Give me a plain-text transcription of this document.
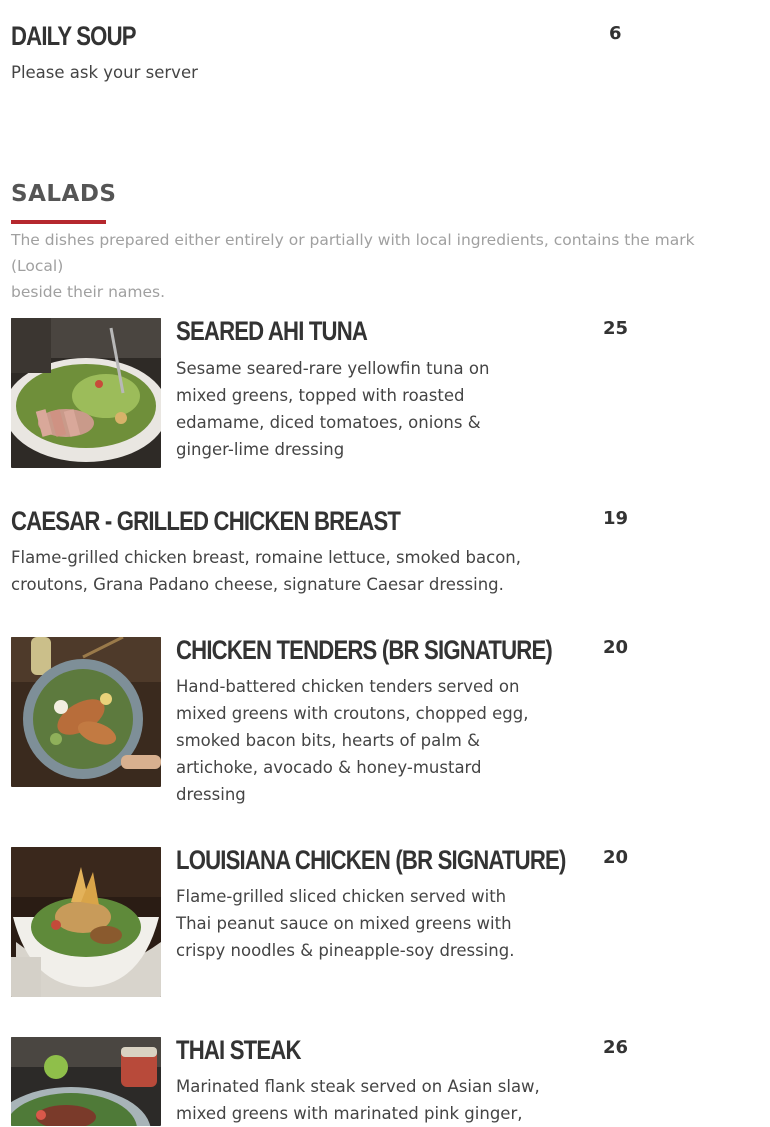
DAILY SOUP	6
Please ask your server
SALADS
The dishes prepared either entirely or partially with local ingredients, contains the mark (Local)
beside their names.
SEARED AHI TUNA	25
Sesame seared-rare yellowfin tuna on
mixed greens, topped with roasted
edamame, diced tomatoes, onions &
ginger-lime dressing
CAESAR - GRILLED CHICKEN BREAST	19
Flame-grilled chicken breast, romaine lettuce, smoked bacon,
croutons, Grana Padano cheese, signature Caesar dressing.
CHICKEN TENDERS (BR SIGNATURE)	20
Hand-battered chicken tenders served on
mixed greens with croutons, chopped egg,
smoked bacon bits, hearts of palm &
artichoke, avocado & honey-mustard
dressing
LOUISIANA CHICKEN (BR SIGNATURE) 20
Flame-grilled sliced chicken served with
Thai peanut sauce on mixed greens with
crispy noodles & pineapple-soy dressing.
THAI STEAK	26
Marinated flank steak served on Asian slaw,
mixed greens with marinated pink ginger,
